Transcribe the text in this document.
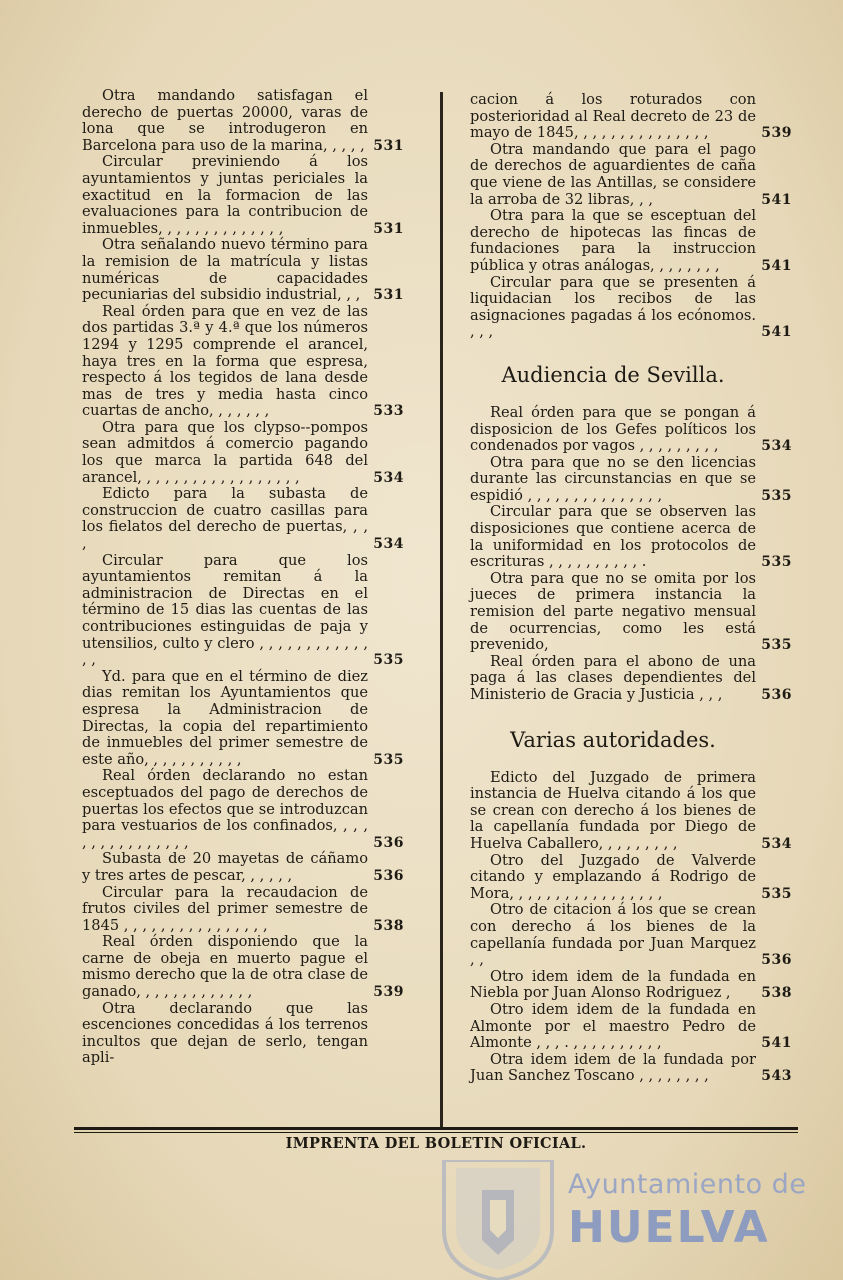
Otra mandando satisfagan el derecho de puertas 20000, varas de lona que se introdugeron en Barcelona para uso de la marina, , , , , 531
Circular previniendo á los ayuntamientos y juntas periciales la exactitud en la formacion de las evaluaciones para la contribucion de inmuebles, , , , , , , , , , , , , ,	531
Otra señalando nuevo término para la remision de la matrícula y listas numéricas de capacidades pecuniarias del subsidio industrial, , , 531
Real órden para que en vez de las dos partidas 3.ª y 4.ª que los números 1294 y 1295 comprende el arancel, haya tres en la forma que espresa, respecto á los tegidos de lana desde mas de tres y media hasta cinco cuartas de ancho, , , , , , ,	533
Otra para que los clypso--pompos sean admitdos á comercio pagando los que marca la partida 648 del arancel, , , , , , , , , , , , , , , , , ,	534
Edicto para la subasta de construccion de cuatro casillas para los fielatos del derecho de puertas, , , ,	534
Circular para que los ayuntamientos remitan á la administracion de Directas en el término de 15 dias las cuentas de las contribuciones estinguidas de paja y utensilios, culto y clero , , , , , , , , , , , , , ,	535
Yd. para que en el término de diez dias remitan los Ayuntamientos que espresa la Administracion de Directas, la copia del repartimiento de inmuebles del primer semestre de este año, , , , , , , , , , ,	535
Real órden declarando no estan esceptuados del pago de derechos de puertas los efectos que se introduzcan para vestuarios de los confinados, , , , , , , , , , , , , , , ,	536
Subasta de 20 mayetas de cáñamo y tres artes de pescar, , , , , ,	536
Circular para la recaudacion de frutos civiles del primer semestre de 1845 , , , , , , , , , , , , , , , ,	538
Real órden disponiendo que la carne de obeja en muerto pague el mismo derecho que la de otra clase de ganado, , , , , , , , , , , , ,	539
Otra declarando que las escenciones concedidas á los terrenos incultos que dejan de serlo, tengan apli-
cacion á los roturados con posterioridad al Real decreto de 23 de mayo de 1845, , , , , , , , , , , , , , ,	539
Otra mandando que para el pago de derechos de aguardientes de caña que viene de las Antillas, se considere la arroba de 32 libras, , ,	541
Otra para la que se esceptuan del derecho de hipotecas las fincas de fundaciones para la instruccion pública y otras análogas, , , , , , , ,	541
Circular para que se presenten á liquidacian los recibos de las asignaciones pagadas á los ecónomos. , , ,	541
Audiencia de Sevilla.
Real órden para que se pongan á disposicion de los Gefes políticos los condenados por vagos , , , , , , , , ,	534
Otra para que no se den licencias durante las circunstancias en que se espidió , , , , , , , , , , , , , , ,	535
Circular para que se observen las disposiciones que contiene acerca de la uniformidad en los protocolos de escrituras , , , , , , , , , , .	535
Otra para que no se omita por los jueces de primera instancia la remision del parte negativo mensual de ocurrencias, como les está prevenido,	535
Real órden para el abono de una paga á las clases dependientes del Ministerio de Gracia y Justicia , , ,	536
Varias autoridades.
Edicto del Juzgado de primera instancia de Huelva citando á los que se crean con derecho á los bienes de la capellanía fundada por Diego de Huelva Caballero, , , , , , , , ,	534
Otro del Juzgado de Valverde citando y emplazando á Rodrigo de Mora, , , , , , , , , , , , , , , , ,	535
Otro de citacion á los que se crean con derecho á los bienes de la capellanía fundada por Juan Marquez , ,	536
Otro idem idem de la fundada en Niebla por Juan Alonso Rodriguez ,	538
Otro idem idem de la fundada en Almonte por el maestro Pedro de Almonte , , , . , , , , , , , , , ,	541
Otra idem idem de la fundada por Juan Sanchez Toscano , , , , , , , ,	543
IMPRENTA DEL BOLETIN OFICIAL.
Ayuntamiento de
HUELVA
